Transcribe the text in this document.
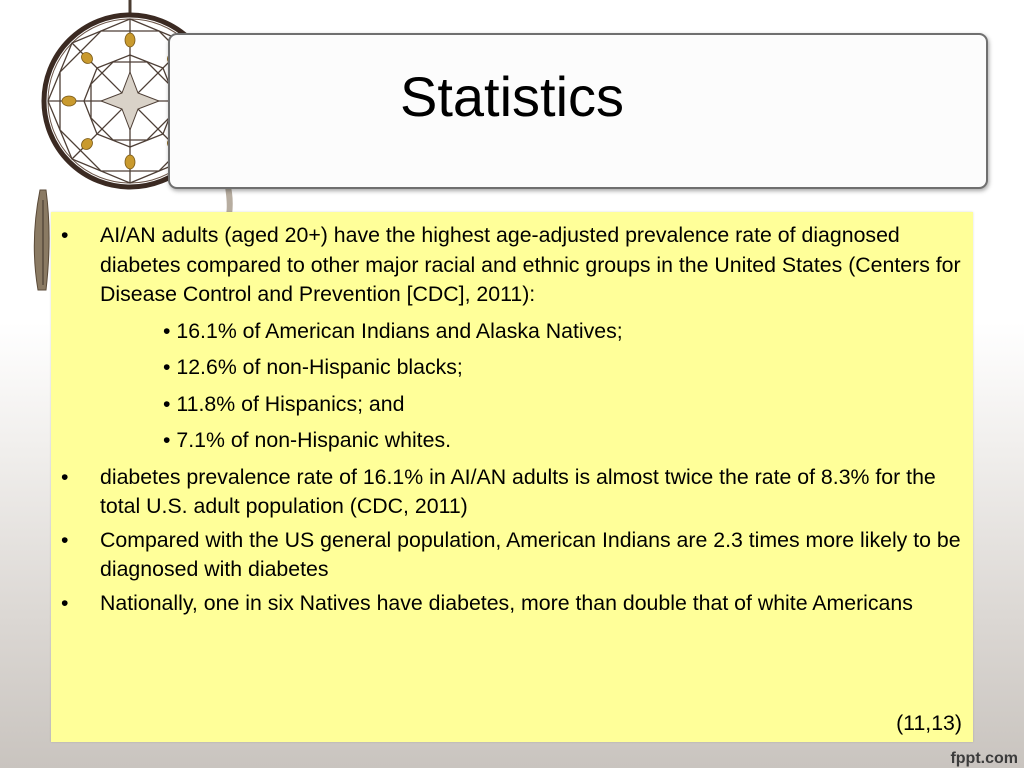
Statistics
• AI/AN adults (aged 20+) have the highest age-adjusted prevalence rate of diagnosed diabetes compared to other major racial and ethnic groups in the United States (Centers for Disease Control and Prevention [CDC], 2011):
• 16.1% of American Indians and Alaska Natives;
• 12.6% of non-Hispanic blacks;
• 11.8% of Hispanics; and
• 7.1% of non-Hispanic whites.
• diabetes prevalence rate of 16.1% in AI/AN adults is almost twice the rate of 8.3% for the total U.S. adult population (CDC, 2011)
• Compared with the US general population, American Indians are 2.3 times more likely to be diagnosed with diabetes
• Nationally, one in six Natives have diabetes, more than double that of white Americans
(11,13)
fppt.com
